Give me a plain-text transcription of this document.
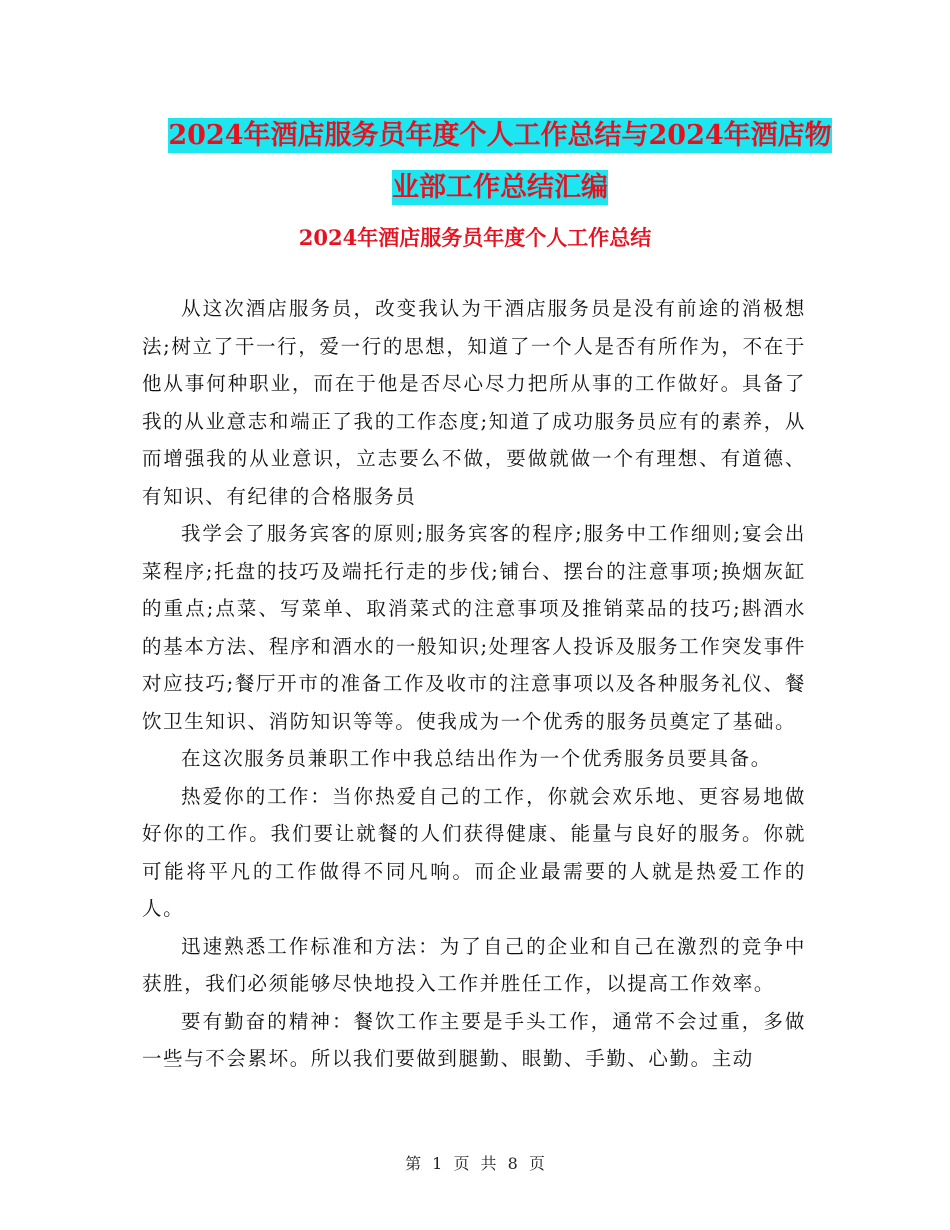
2024年酒店服务员年度个人工作总结与2024年酒店物
业部工作总结汇编
2024年酒店服务员年度个人工作总结

从这次酒店服务员，改变我认为干酒店服务员是没有前途的消极想法;树立了干一行，爱一行的思想，知道了一个人是否有所作为，不在于他从事何种职业，而在于他是否尽心尽力把所从事的工作做好。具备了我的从业意志和端正了我的工作态度;知道了成功服务员应有的素养，从而增强我的从业意识，立志要么不做，要做就做一个有理想、有道德、有知识、有纪律的合格服务员

我学会了服务宾客的原则;服务宾客的程序;服务中工作细则;宴会出菜程序;托盘的技巧及端托行走的步伐;铺台、摆台的注意事项;换烟灰缸的重点;点菜、写菜单、取消菜式的注意事项及推销菜品的技巧;斟酒水的基本方法、程序和酒水的一般知识;处理客人投诉及服务工作突发事件对应技巧;餐厅开市的准备工作及收市的注意事项以及各种服务礼仪、餐饮卫生知识、消防知识等等。使我成为一个优秀的服务员奠定了基础。

在这次服务员兼职工作中我总结出作为一个优秀服务员要具备。

热爱你的工作：当你热爱自己的工作，你就会欢乐地、更容易地做好你的工作。我们要让就餐的人们获得健康、能量与良好的服务。你就可能将平凡的工作做得不同凡响。而企业最需要的人就是热爱工作的人。

迅速熟悉工作标准和方法：为了自己的企业和自己在激烈的竞争中获胜，我们必须能够尽快地投入工作并胜任工作，以提高工作效率。

要有勤奋的精神：餐饮工作主要是手头工作，通常不会过重，多做一些与不会累坏。所以我们要做到腿勤、眼勤、手勤、心勤。主动

第 1 页 共 8 页
